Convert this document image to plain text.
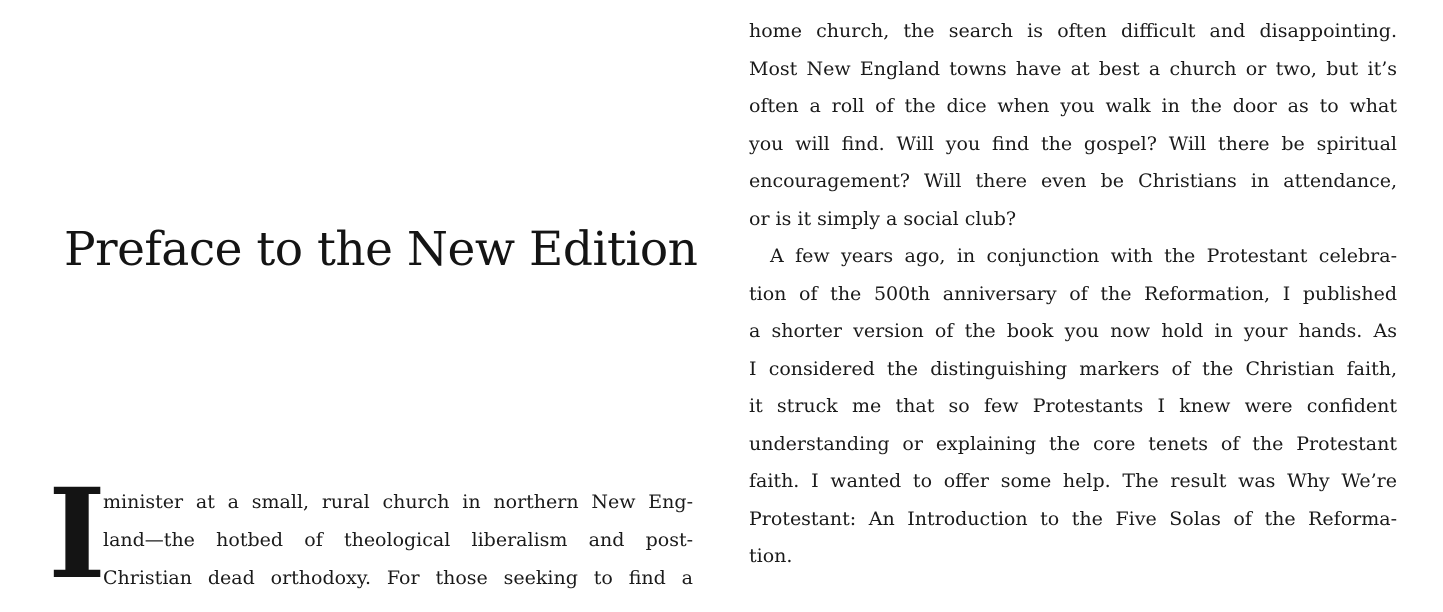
Preface to the New Edition
I
minister at a small, rural church in northern New Eng-
land—the hotbed of theological liberalism and post-
Christian dead orthodoxy. For those seeking to find a
home church, the search is often difficult and disappointing.
Most New England towns have at best a church or two, but it’s
often a roll of the dice when you walk in the door as to what
you will find. Will you find the gospel? Will there be spiritual
encouragement? Will there even be Christians in attendance,
or is it simply a social club?
A few years ago, in conjunction with the Protestant celebra-
tion of the 500th anniversary of the Reformation, I published
a shorter version of the book you now hold in your hands. As
I considered the distinguishing markers of the Christian faith,
it struck me that so few Protestants I knew were confident
understanding or explaining the core tenets of the Protestant
faith. I wanted to offer some help. The result was Why We’re
Protestant: An Introduction to the Five Solas of the Reforma-
tion.
